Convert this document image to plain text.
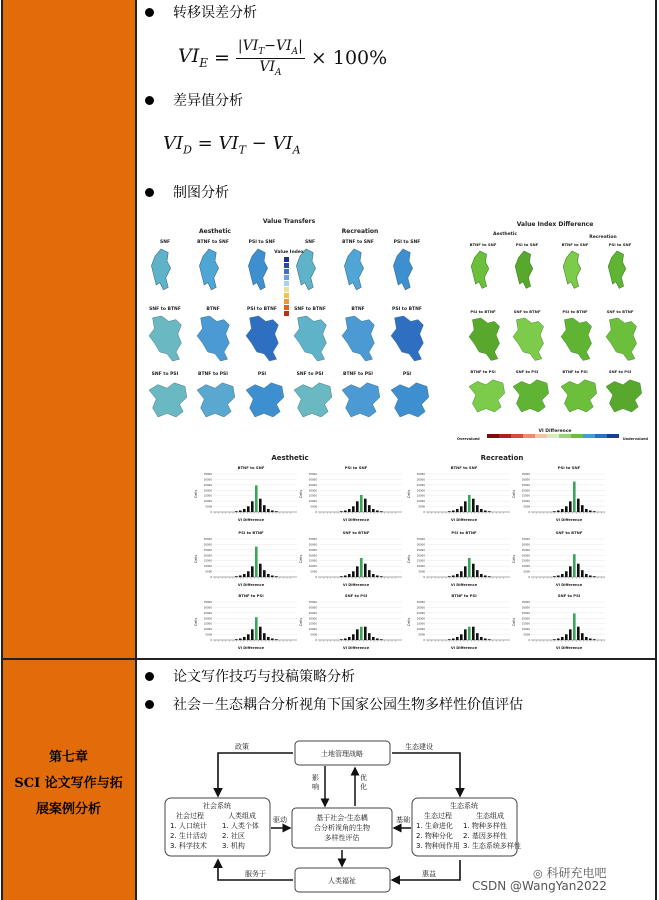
第七章
SCI 论文写作与拓
展案例分析
转移误差分析
$VI_E$ =
$|VI_T-VI_A|$
$VI_A$
× 100%
差异值分析
$VI_D = VI_T - VI_A$
制图分析
Value Transfers
Aesthetic	Recreation
SNF	BTNF to SNF	PSI to SNF	SNF	BTNF to SNF	PSI to SNF
SNF to BTNF	BTNF	PSI to BTNF	SNF to BTNF	BTNF	PSI to BTNF
SNF to PSI	BTNF to PSI	PSI	SNF to PSI	BTNF to PSI	PSI
Value Index
Value Index Difference
Aesthetic
Recreation
BTNF to SNF	PSI to SNF	BTNF to SNF	PSI to SNF
PSI to BTNF	SNF to BTNF	PSI to BTNF	SNF to BTNF
BTNF to PSI	SNF to PSI	BTNF to PSI	SNF to PSI
VI Difference
Overvalued	Undervalued
Aesthetic	Recreation
BTNF to SNF
Cells
35000
30000
25000
20000
15000
10000
5000
0
VI Difference
PSI to SNF
Cells
35000
30000
25000
20000
15000
10000
5000
0
VI Difference
PSI to BTNF
Cells
35000
30000
25000
20000
15000
10000
5000
0
VI Difference
SNF to BTNF
Cells
35000
30000
25000
20000
15000
10000
5000
0
VI Difference
BTNF to PSI
Cells
35000
30000
25000
20000
15000
10000
5000
0
VI Difference
SNF to PSI
Cells
35000
30000
25000
20000
15000
10000
5000
0
VI Difference
BTNF to SNF
Cells
35000
30000
25000
20000
15000
10000
5000
0
VI Difference
PSI to SNF
Cells
35000
30000
25000
20000
15000
10000
5000
0
VI Difference
PSI to BTNF
Cells
35000
30000
25000
20000
15000
10000
5000
0
VI Difference
SNF to BTNF
Cells
35000
30000
25000
20000
15000
10000
5000
0
VI Difference
BTNF to PSI
Cells
35000
30000
25000
20000
15000
10000
5000
0
VI Difference
SNF to PSI
Cells
35000
30000
25000
20000
15000
10000
5000
0
VI Difference
论文写作技巧与投稿策略分析
社会－生态耦合分析视角下国家公园生物多样性价值评估
土地管理战略
政策	生态建设
影
响
优
化
基于社会-生态耦
合分析视角的生物
多样性评估
社会系统
社会过程	人类组成
1. 人口统计
2. 生计活动
3. 科学技术
1. 人类个体
2. 社区
3. 机构
驱动
生态系统
生态过程	生态组成
1. 生命进化
2. 物种分化
3. 物种间作用
1. 物种多样性
2. 基因多样性
3. 生态系统多样性
基础
人类福祉
服务于	惠益	◎ 科研充电吧
CSDN @WangYan2022
